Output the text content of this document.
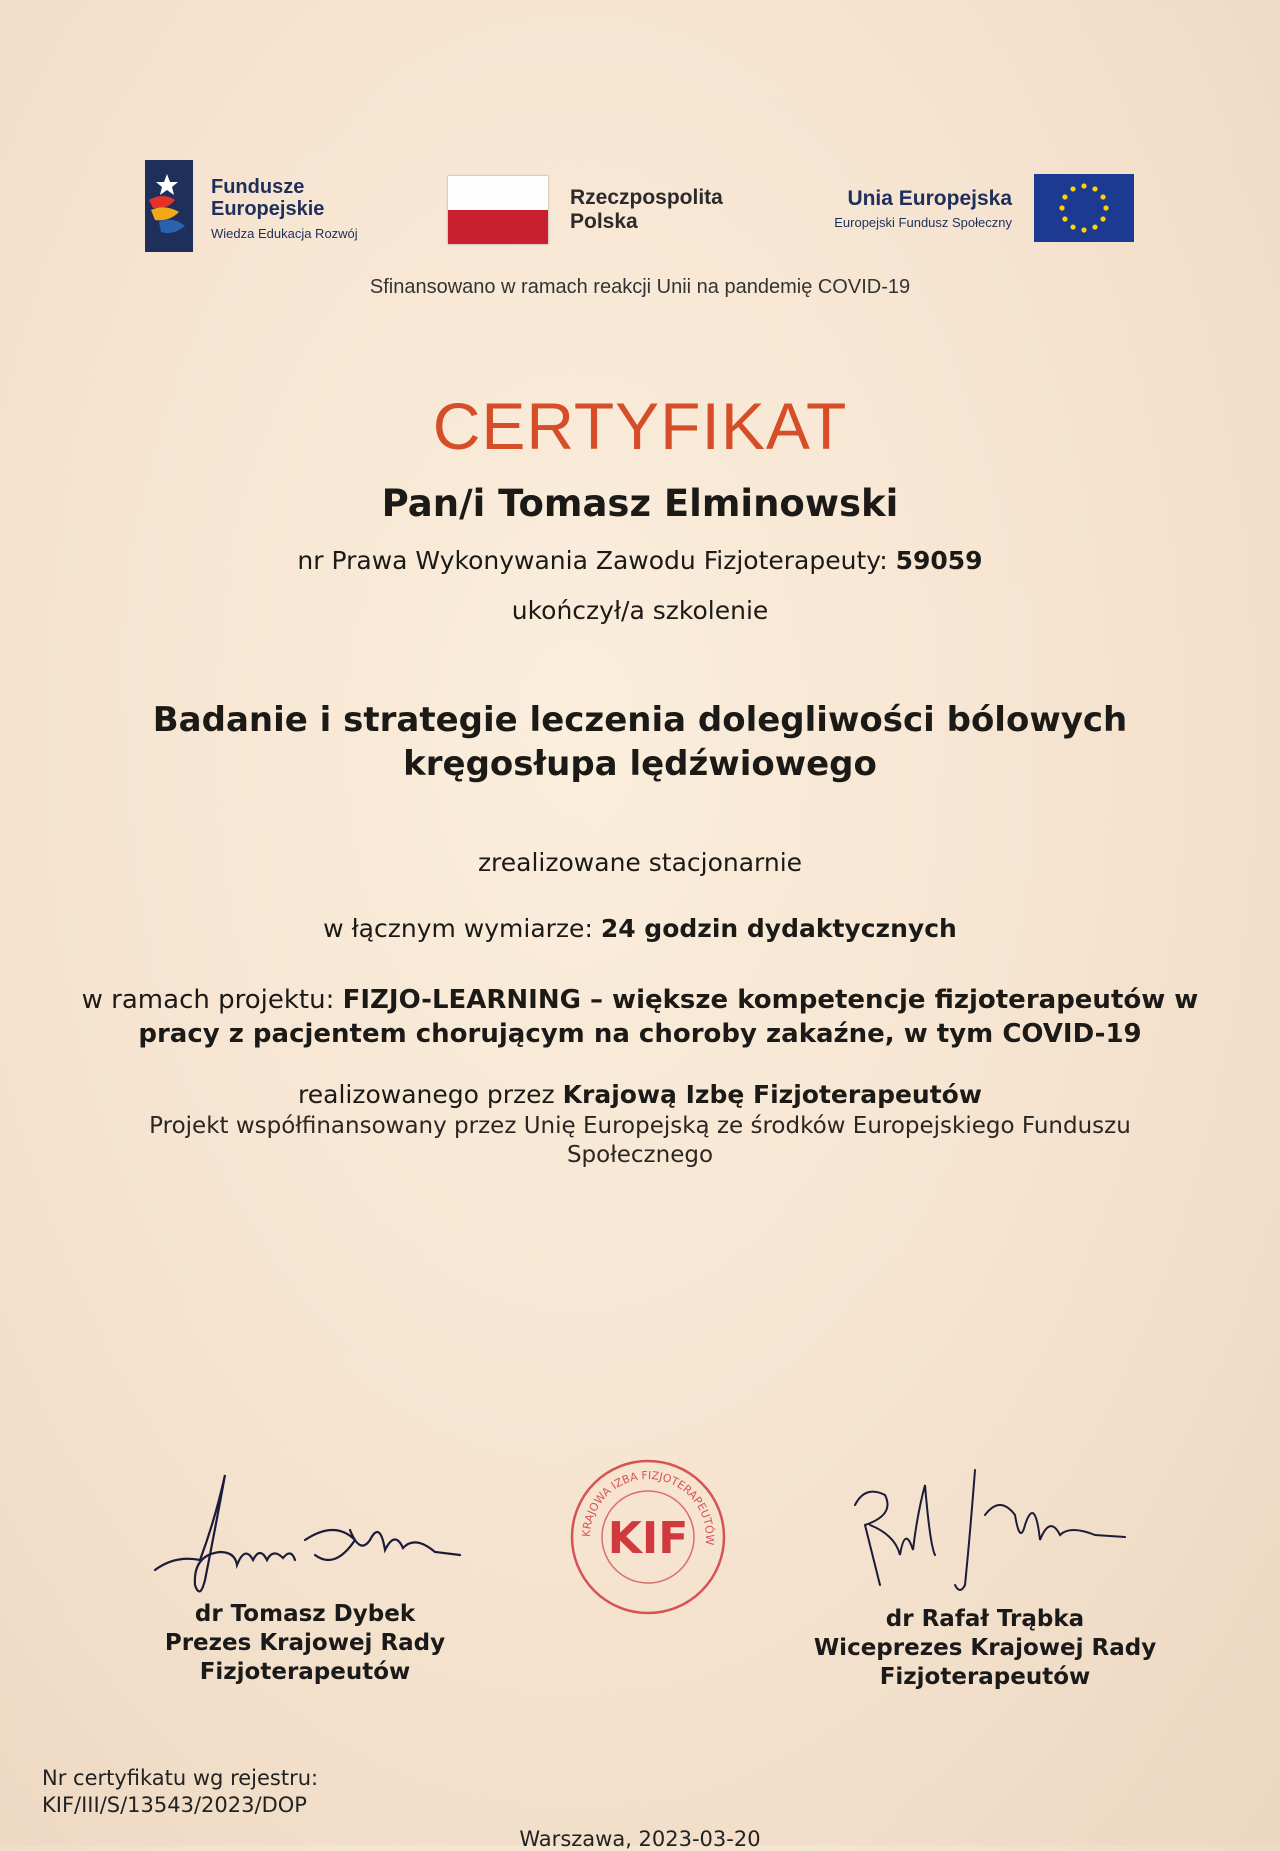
Fundusze
Europejskie
Wiedza Edukacja Rozwój
Rzeczpospolita
Polska
Unia Europejska
Europejski Fundusz Społeczny
Sfinansowano w ramach reakcji Unii na pandemię COVID-19
CERTYFIKAT
Pan/i Tomasz Elminowski
nr Prawa Wykonywania Zawodu Fizjoterapeuty: 59059
ukończył/a szkolenie
Badanie i strategie leczenia dolegliwości bólowych
kręgosłupa lędźwiowego
zrealizowane stacjonarnie
w łącznym wymiarze: 24 godzin dydaktycznych
w ramach projektu: FIZJO-LEARNING – większe kompetencje fizjoterapeutów w pracy z pacjentem chorującym na choroby zakaźne, w tym COVID-19
realizowanego przez Krajową Izbę Fizjoterapeutów
Projekt współfinansowany przez Unię Europejską ze środków Europejskiego Funduszu Społecznego
dr Tomasz Dybek
Prezes Krajowej Rady
Fizjoterapeutów
KRAJOWA IZBA FIZJOTERAPEUTÓW
KIF
dr Rafał Trąbka
Wiceprezes Krajowej Rady
Fizjoterapeutów
Nr certyfikatu wg rejestru:
KIF/III/S/13543/2023/DOP
Warszawa, 2023-03-20
